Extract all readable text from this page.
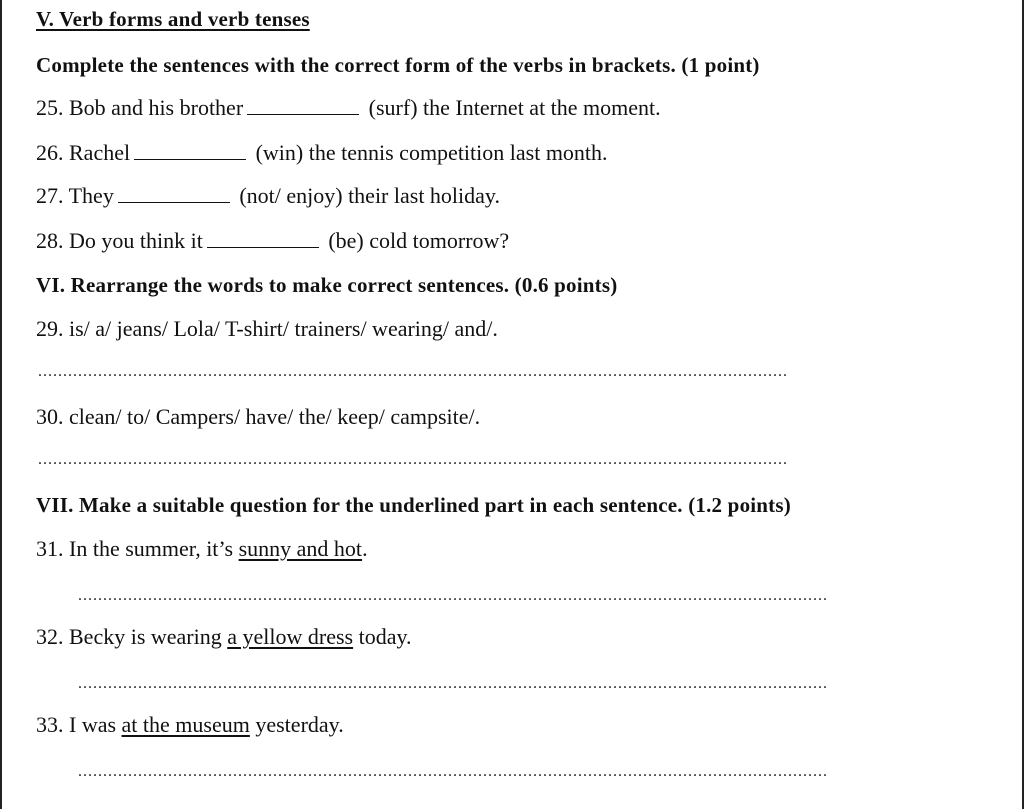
V. Verb forms and verb tenses
Complete the sentences with the correct form of the verbs in brackets. (1 point)
25. Bob and his brother	(surf) the Internet at the moment.
26. Rachel	(win) the tennis competition last month.
27. They	(not/ enjoy) their last holiday.
28. Do you think it	(be) cold tomorrow?
VI. Rearrange the words to make correct sentences. (0.6 points)
29. is/ a/ jeans/ Lola/ T-shirt/ trainers/ wearing/ and/.
......................................................................................................................................................
30. clean/ to/ Campers/ have/ the/ keep/ campsite/.
......................................................................................................................................................
VII. Make a suitable question for the underlined part in each sentence. (1.2 points)
31. In the summer, it’s sunny and hot.
......................................................................................................................................................
32. Becky is wearing a yellow dress today.
......................................................................................................................................................
33. I was at the museum yesterday.
......................................................................................................................................................
